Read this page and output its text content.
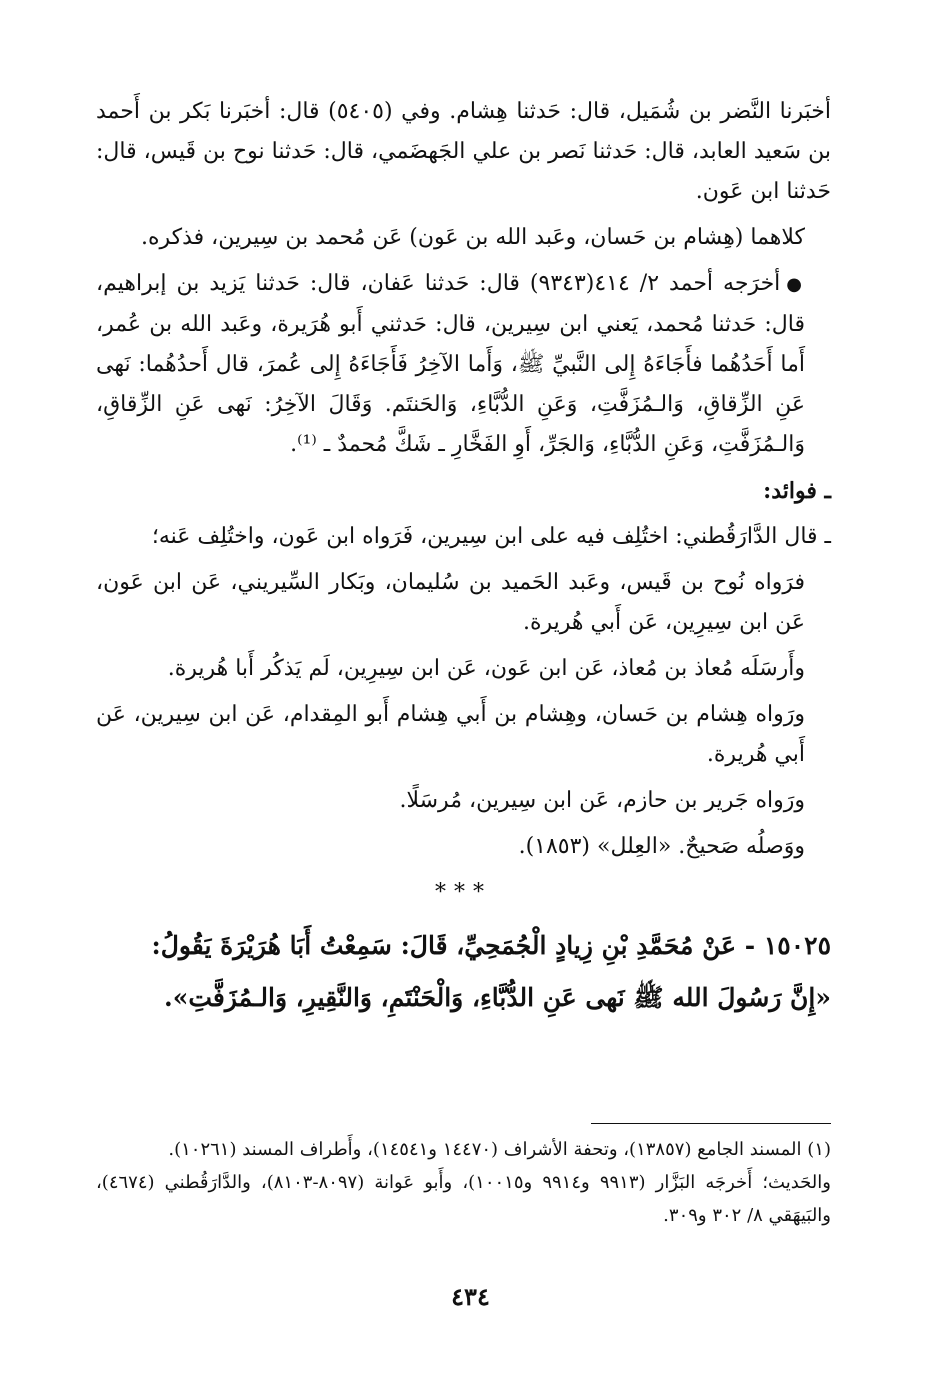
أخبَرنا النَّضر بن شُمَيل، قال: حَدثنا هِشام. وفي (٥٤٠٥) قال: أخبَرنا بَكر بن أَحمد بن سَعيد العابد، قال: حَدثنا نَصر بن علي الجَهضَمي، قال: حَدثنا نوح بن قَيس، قال: حَدثنا ابن عَون.

كلاهما (هِشام بن حَسان، وعَبد الله بن عَون) عَن مُحمد بن سِيرين، فذكره.

●أخرَجه أحمد ٢/ ٤١٤(٩٣٤٣) قال: حَدثنا عَفان، قال: حَدثنا يَزيد بن إبراهيم، قال: حَدثنا مُحمد، يَعني ابن سِيرين، قال: حَدثني أَبو هُرَيرة، وعَبد الله بن عُمر، أَما أَحَدُهُما فأَجَاءَهُ إِلى النَّبيِّ ﷺ، وَأَما الآخِرُ فَأَجَاءَهُ إِلى عُمرَ، قال أَحدُهُما: نَهى عَنِ الزِّقاقِ، وَالـمُزَفَّتِ، وَعَنِ الدُّبَّاءِ، وَالحَنتَم. وَقَالَ الآخِرُ: نَهى عَنِ الزِّقاقِ، وَالـمُزَفَّتِ، وَعَنِ الدُّبَّاءِ، وَالجَرِّ، أَوِ الفَخَّارِ ـ شَكَّ مُحمدٌ ـ ⁽¹⁾.

ـ فوائد:

ـ قال الدَّارَقُطني: اختُلِف فيه على ابن سِيرين، فَرَواه ابن عَون، واختُلِف عَنه؛

فرَواه نُوح بن قَيس، وعَبد الحَميد بن سُليمان، وبَكار السِّيريني، عَن ابن عَون، عَن ابن سِيرِين، عَن أَبي هُريرة.

وأَرسَلَه مُعاذ بن مُعاذ، عَن ابن عَون، عَن ابن سِيرِين، لَم يَذكُر أَبا هُريرة.

ورَواه هِشام بن حَسان، وهِشام بن أَبي هِشام أَبو المِقدام، عَن ابن سِيرين، عَن أَبي هُريرة.

ورَواه جَرير بن حازم، عَن ابن سِيرين، مُرسَلًا.

ووَصلُه صَحيحٌ. «العِلل» (١٨٥٣).

***

١٥٠٢٥ - عَنْ مُحَمَّدِ بْنِ زِيادٍ الْجُمَحِيِّ، قَالَ: سَمِعْتُ أَبَا هُرَيْرَةَ يَقُولُ:

«إِنَّ رَسُولَ الله ﷺ نَهى عَنِ الدُّبَّاءِ، وَالْحَنْتَمِ، وَالنَّقِيرِ، وَالـمُزَفَّتِ».

(١) المسند الجامع (١٣٨٥٧)، وتحفة الأشراف (١٤٤٧٠ و١٤٥٤١)، وأَطراف المسند (١٠٢٦١).

والحَديث؛ أَخرجَه البَزَّار (٩٩١٣ و٩٩١٤ و١٠٠١٥)، وأَبو عَوانة (٨٠٩٧-٨١٠٣)، والدَّارَقُطني (٤٦٧٤)، والبَيهَقي ٨/ ٣٠٢ و٣٠٩.

٤٣٤
